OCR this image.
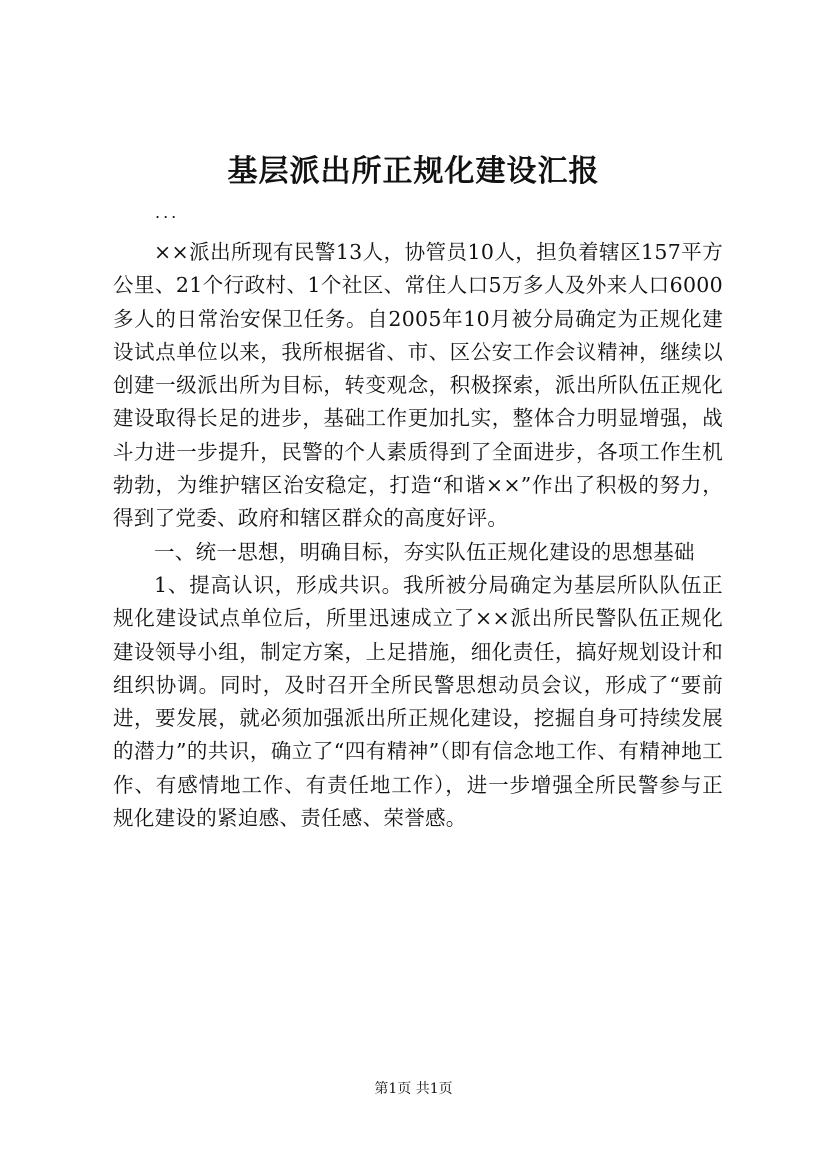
基层派出所正规化建设汇报
...

××派出所现有民警13人，协管员10人，担负着辖区157平方公里、21个行政村、1个社区、常住人口5万多人及外来人口6000多人的日常治安保卫任务。自2005年10月被分局确定为正规化建设试点单位以来，我所根据省、市、区公安工作会议精神，继续以创建一级派出所为目标，转变观念，积极探索，派出所队伍正规化建设取得长足的进步，基础工作更加扎实，整体合力明显增强，战斗力进一步提升，民警的个人素质得到了全面进步，各项工作生机勃勃，为维护辖区治安稳定，打造“和谐××”作出了积极的努力，得到了党委、政府和辖区群众的高度好评。

一、统一思想，明确目标，夯实队伍正规化建设的思想基础

1、提高认识，形成共识。我所被分局确定为基层所队队伍正规化建设试点单位后，所里迅速成立了××派出所民警队伍正规化建设领导小组，制定方案，上足措施，细化责任，搞好规划设计和组织协调。同时，及时召开全所民警思想动员会议，形成了“要前进，要发展，就必须加强派出所正规化建设，挖掘自身可持续发展的潜力”的共识，确立了“四有精神”（即有信念地工作、有精神地工作、有感情地工作、有责任地工作），进一步增强全所民警参与正规化建设的紧迫感、责任感、荣誉感。

第1页 共1页
